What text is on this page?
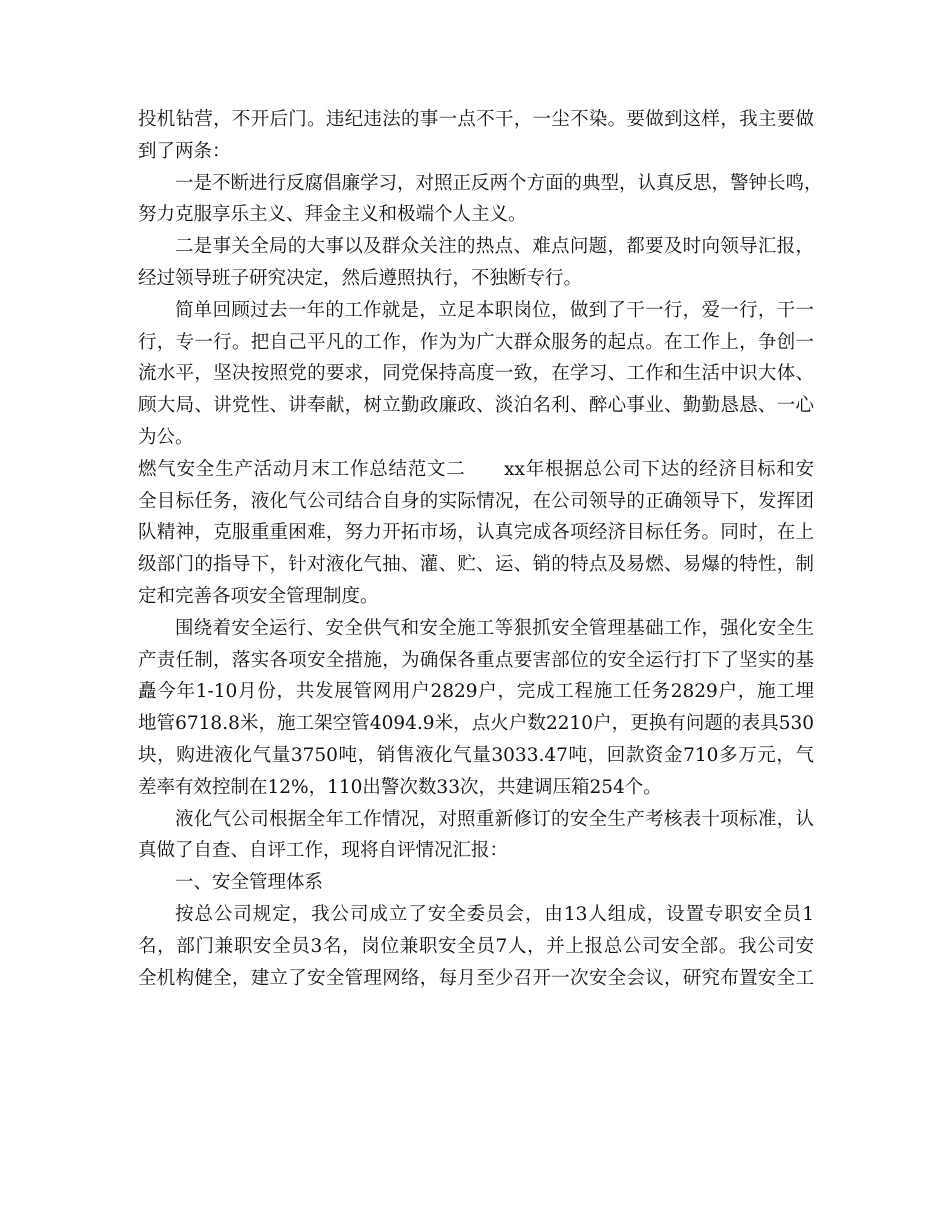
投机钻营，不开后门。违纪违法的事一点不干，一尘不染。要做到这样，我主要做
到了两条：
一是不断进行反腐倡廉学习，对照正反两个方面的典型，认真反思，警钟长鸣，
努力克服享乐主义、拜金主义和极端个人主义。
二是事关全局的大事以及群众关注的热点、难点问题，都要及时向领导汇报，
经过领导班子研究决定，然后遵照执行，不独断专行。
简单回顾过去一年的工作就是，立足本职岗位，做到了干一行，爱一行，干一
行，专一行。把自己平凡的工作，作为为广大群众服务的起点。在工作上，争创一
流水平，坚决按照党的要求，同党保持高度一致，在学习、工作和生活中识大体、
顾大局、讲党性、讲奉献，树立勤政廉政、淡泊名利、醉心事业、勤勤恳恳、一心
为公。
燃气安全生产活动月末工作总结范文二　　xx年根据总公司下达的经济目标和安
全目标任务，液化气公司结合自身的实际情况，在公司领导的正确领导下，发挥团
队精神，克服重重困难，努力开拓市场，认真完成各项经济目标任务。同时，在上
级部门的指导下，针对液化气抽、灌、贮、运、销的特点及易燃、易爆的特性，制
定和完善各项安全管理制度。
围绕着安全运行、安全供气和安全施工等狠抓安全管理基础工作，强化安全生
产责任制，落实各项安全措施，为确保各重点要害部位的安全运行打下了坚实的基
矗今年1-10月份，共发展管网用户2829户，完成工程施工任务2829户，施工埋
地管6718.8米，施工架空管4094.9米，点火户数2210户，更换有问题的表具530
块，购进液化气量3750吨，销售液化气量3033.47吨，回款资金710多万元，气
差率有效控制在12%，110出警次数33次，共建调压箱254个。
液化气公司根据全年工作情况，对照重新修订的安全生产考核表十项标准，认
真做了自查、自评工作，现将自评情况汇报：
一、安全管理体系
按总公司规定，我公司成立了安全委员会，由13人组成，设置专职安全员1
名，部门兼职安全员3名，岗位兼职安全员7人，并上报总公司安全部。我公司安
全机构健全，建立了安全管理网络，每月至少召开一次安全会议，研究布置安全工
